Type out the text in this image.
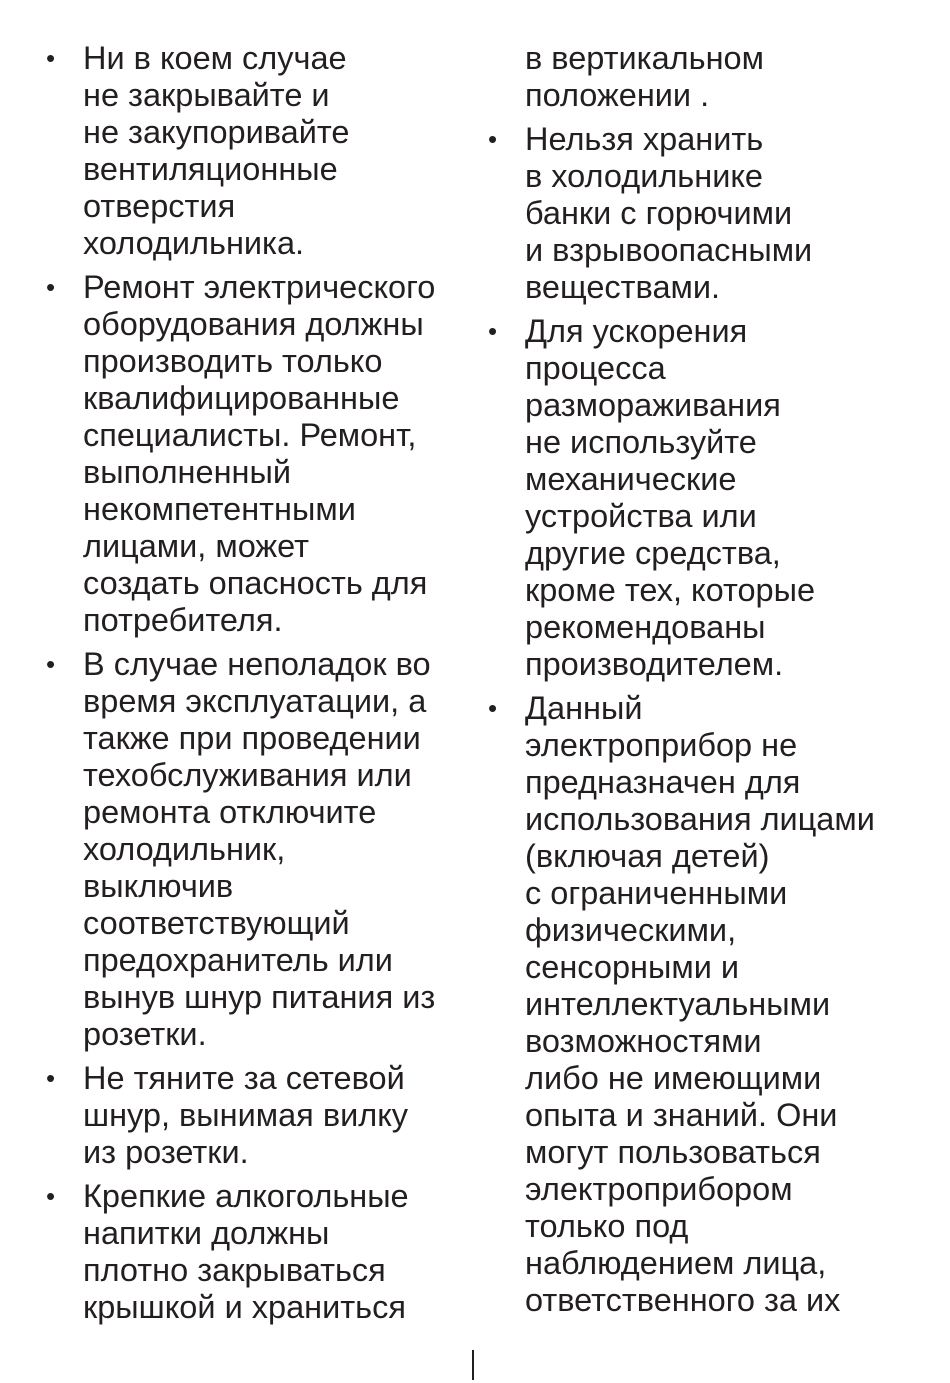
• Ни в коем случае
не закрывайте и
не закупоривайте
вентиляционные
отверстия
холодильника.
• Ремонт электрического
оборудования должны
производить только
квалифицированные
специалисты. Ремонт,
выполненный
некомпетентными
лицами, может
создать опасность для
потребителя.
• В случае неполадок во
время эксплуатации, а
также при проведении
техобслуживания или
ремонта отключите
холодильник,
выключив
соответствующий
предохранитель или
вынув шнур питания из
розетки.
• Не тяните за сетевой
шнур, вынимая вилку
из розетки.
• Крепкие алкогольные
напитки должны
плотно закрываться
крышкой и храниться
в вертикальном
положении .
• Нельзя хранить
в холодильнике
банки с горючими
и взрывоопасными
веществами.
• Для ускорения
процесса
размораживания
не используйте
механические
устройства или
другие средства,
кроме тех, которые
рекомендованы
производителем.
• Данный
электроприбор не
предназначен для
использования лицами
(включая детей)
с ограниченными
физическими,
сенсорными и
интеллектуальными
возможностями
либо не имеющими
опыта и знаний. Они
могут пользоваться
электроприбором
только под
наблюдением лица,
ответственного за их
